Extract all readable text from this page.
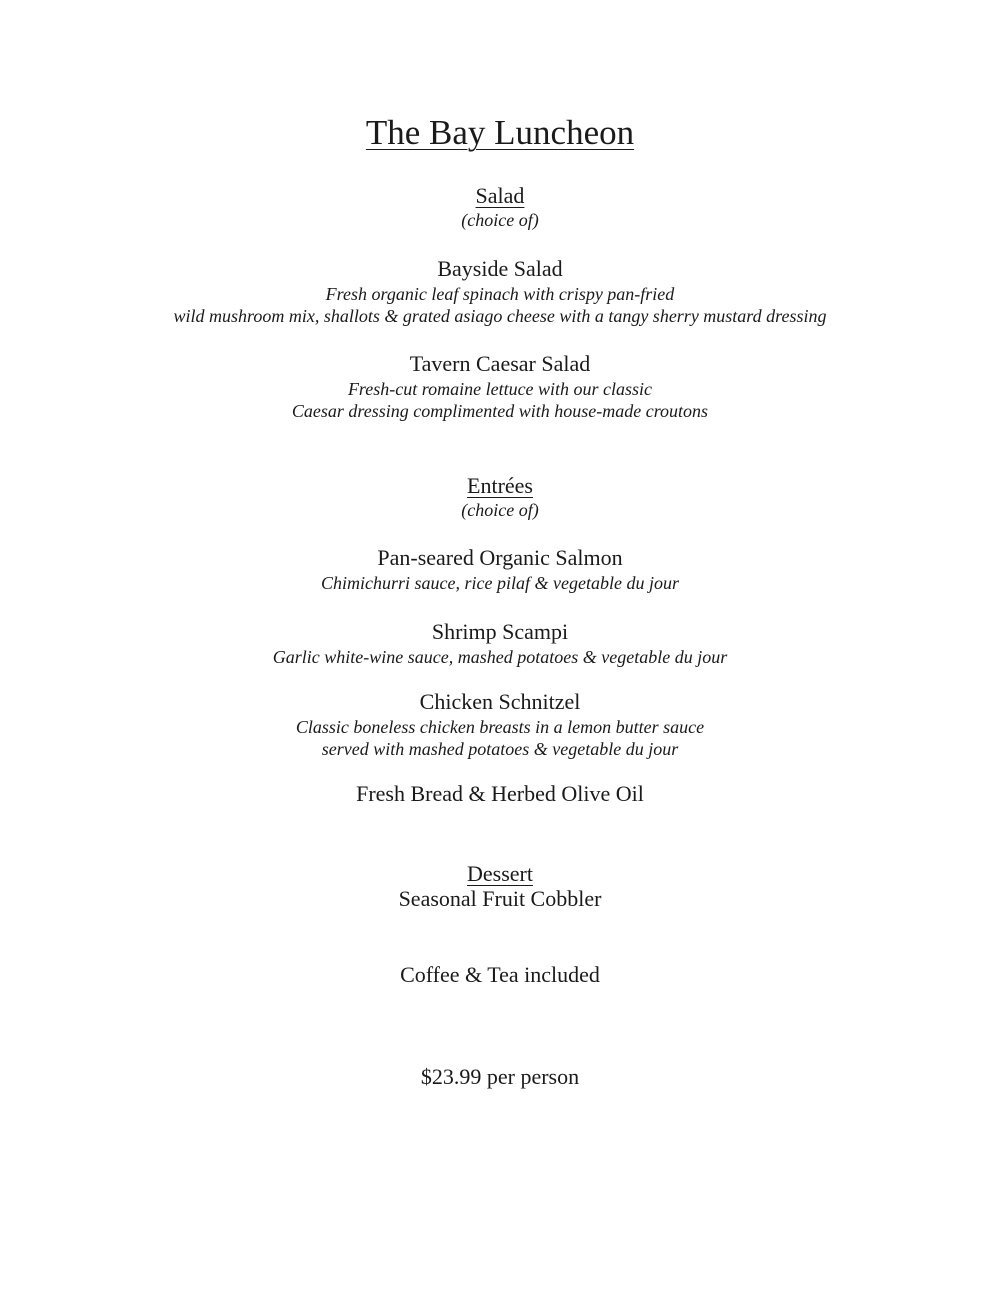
The Bay Luncheon
Salad
(choice of)
Bayside Salad
Fresh organic leaf spinach with crispy pan-fried
wild mushroom mix, shallots & grated asiago cheese with a tangy sherry mustard dressing
Tavern Caesar Salad
Fresh-cut romaine lettuce with our classic
Caesar dressing complimented with house-made croutons
Entrées
(choice of)
Pan-seared Organic Salmon
Chimichurri sauce, rice pilaf & vegetable du jour
Shrimp Scampi
Garlic white-wine sauce, mashed potatoes & vegetable du jour
Chicken Schnitzel
Classic boneless chicken breasts in a lemon butter sauce
served with mashed potatoes & vegetable du jour
Fresh Bread & Herbed Olive Oil
Dessert
Seasonal Fruit Cobbler
Coffee & Tea included
$23.99 per person
